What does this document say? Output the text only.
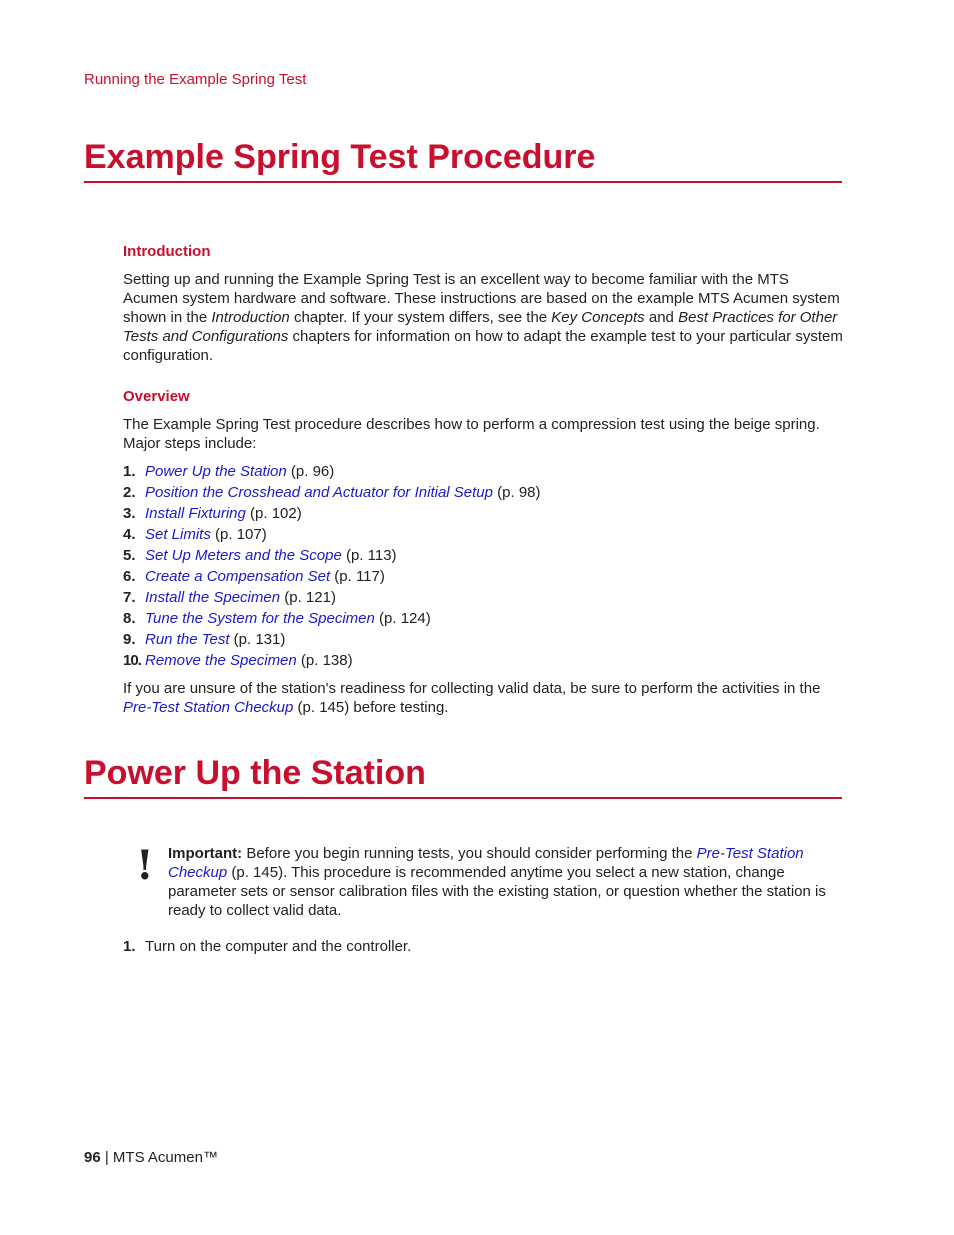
Running the Example Spring Test
Example Spring Test Procedure
Introduction

Setting up and running the Example Spring Test is an excellent way to become familiar with the MTS Acumen system hardware and software. These instructions are based on the example MTS Acumen system shown in the Introduction chapter. If your system differs, see the Key Concepts and Best Practices for Other Tests and Configurations chapters for information on how to adapt the example test to your particular system configuration.

Overview

The Example Spring Test procedure describes how to perform a compression test using the beige spring. Major steps include:

1. Power Up the Station (p. 96)
2. Position the Crosshead and Actuator for Initial Setup (p. 98)
3. Install Fixturing (p. 102)
4. Set Limits (p. 107)
5. Set Up Meters and the Scope (p. 113)
6. Create a Compensation Set (p. 117)
7. Install the Specimen (p. 121)
8. Tune the System for the Specimen (p. 124)
9. Run the Test (p. 131)
10. Remove the Specimen (p. 138)

If you are unsure of the station's readiness for collecting valid data, be sure to perform the activities in the Pre-Test Station Checkup (p. 145) before testing.

Power Up the Station
! Important: Before you begin running tests, you should consider performing the Pre-Test Station Checkup (p. 145). This procedure is recommended anytime you select a new station, change parameter sets or sensor calibration files with the existing station, or question whether the station is ready to collect valid data.

1. Turn on the computer and the controller.
96 | MTS Acumen™
